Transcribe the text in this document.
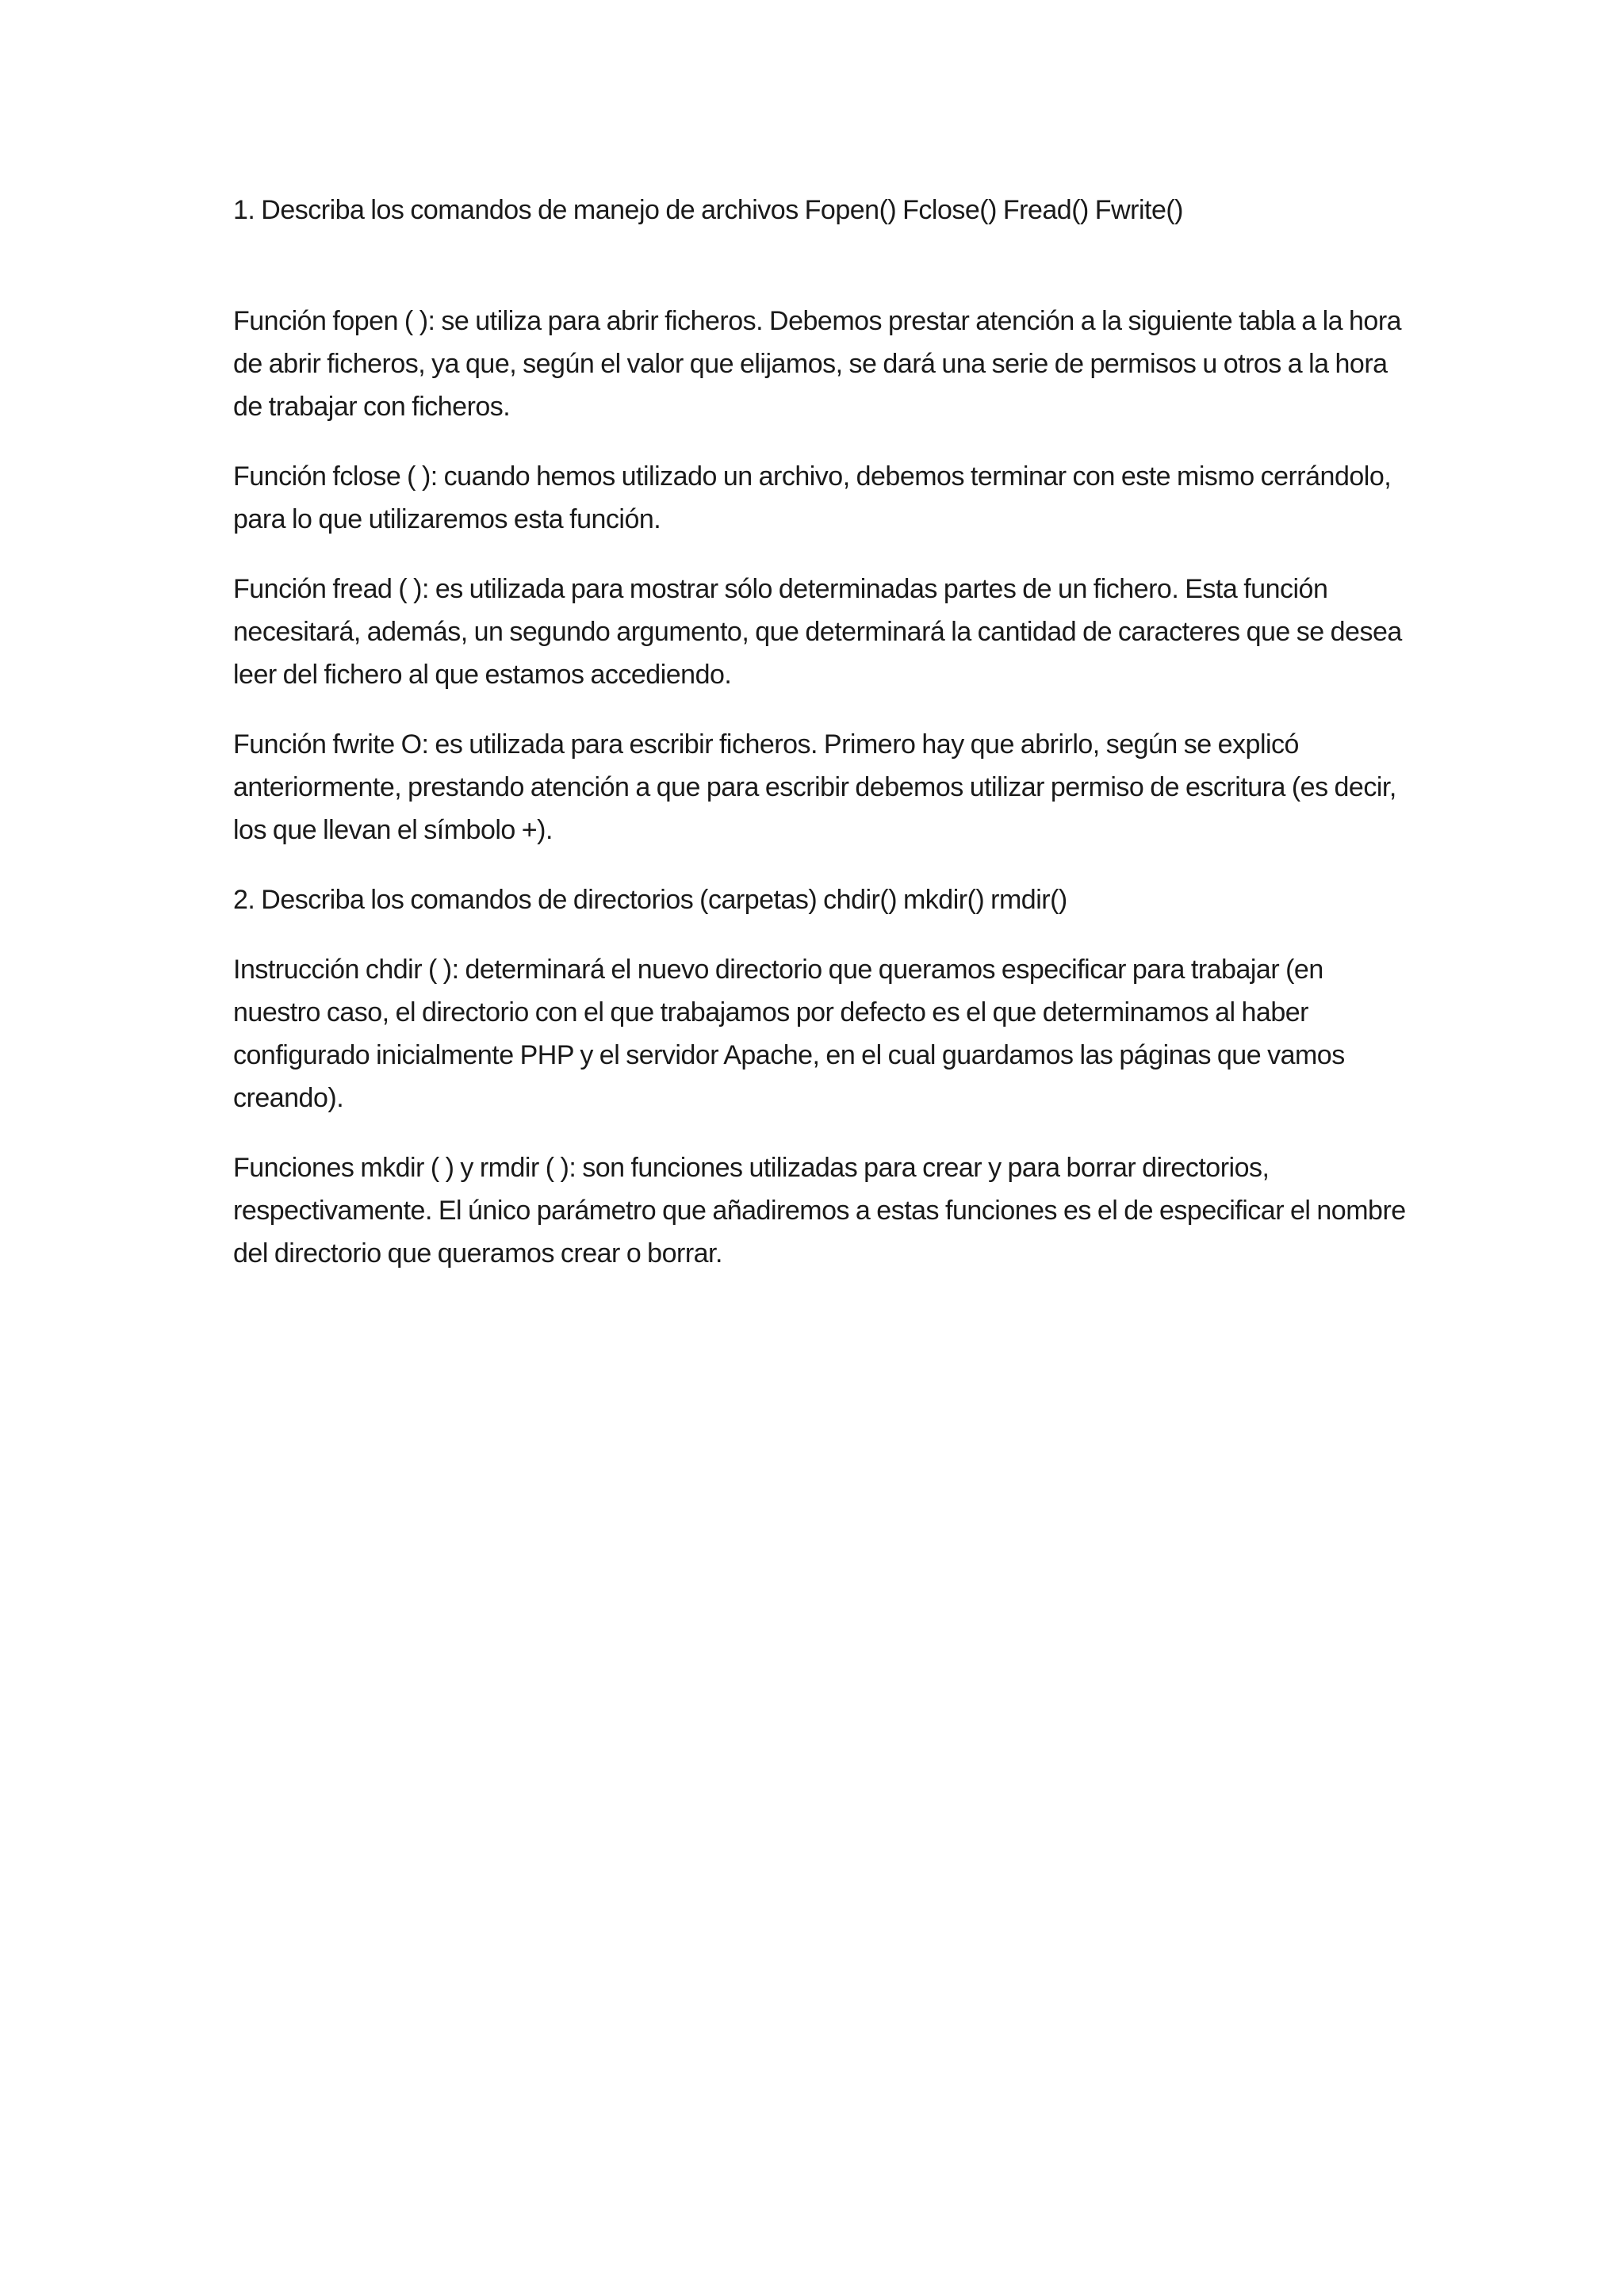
1. Describa los comandos de manejo de archivos Fopen() Fclose() Fread() Fwrite()

Función fopen ( ): se utiliza para abrir ficheros. Debemos prestar atención a la siguiente tabla a la hora de abrir ficheros, ya que, según el valor que elijamos, se dará una serie de permisos u otros a la hora de trabajar con ficheros.

Función fclose ( ): cuando hemos utilizado un archivo, debemos terminar con este mismo cerrándolo, para lo que utilizaremos esta función.

Función fread ( ): es utilizada para mostrar sólo determinadas partes de un fichero. Esta función necesitará, además, un segundo argumento, que determinará la cantidad de caracteres que se desea leer del fichero al que estamos accediendo.

Función fwrite O: es utilizada para escribir ficheros. Primero hay que abrirlo, según se explicó anteriormente, prestando atención a que para escribir debemos utilizar permiso de escritura (es decir, los que llevan el símbolo +).

2. Describa los comandos de directorios (carpetas) chdir() mkdir() rmdir()

Instrucción chdir ( ): determinará el nuevo directorio que queramos especificar para trabajar (en nuestro caso, el directorio con el que trabajamos por defecto es el que determinamos al haber configurado inicialmente PHP y el servidor Apache, en el cual guardamos las páginas que vamos creando).

Funciones mkdir ( ) y rmdir ( ): son funciones utilizadas para crear y para borrar directorios, respectivamente. El único parámetro que añadiremos a estas funciones es el de especificar el nombre del directorio que queramos crear o borrar.
